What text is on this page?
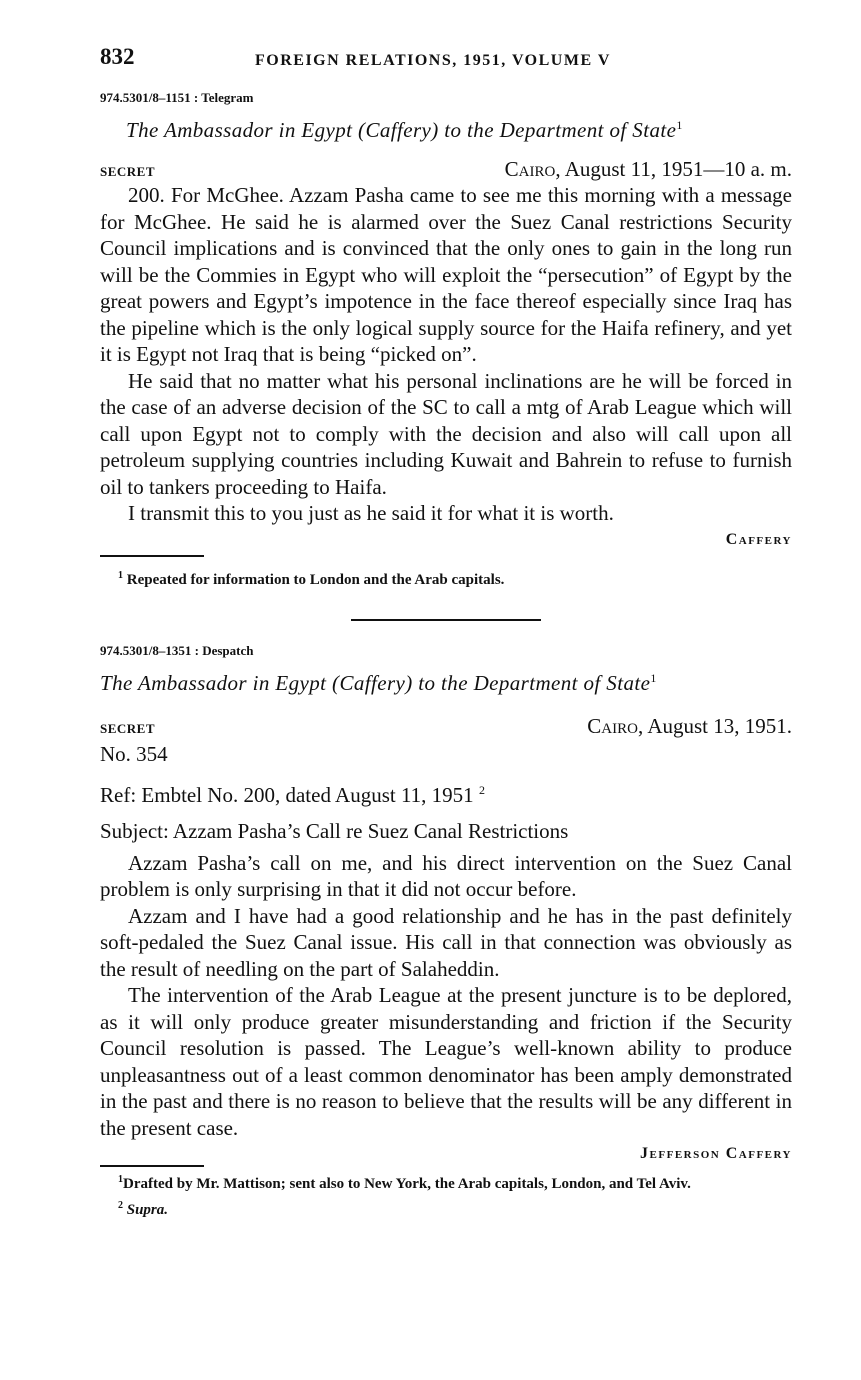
832	FOREIGN RELATIONS, 1951, VOLUME V
974.5301/8–1151 : Telegram
The Ambassador in Egypt (Caffery) to the Department of State$^1$
SECRET	Cairo, August 11, 1951—10 a. m.

200. For McGhee. Azzam Pasha came to see me this morning with a message for McGhee. He said he is alarmed over the Suez Canal restrictions Security Council implications and is convinced that the only ones to gain in the long run will be the Commies in Egypt who will exploit the “persecution” of Egypt by the great powers and Egypt’s impotence in the face thereof especially since Iraq has the pipeline which is the only logical supply source for the Haifa refinery, and yet it is Egypt not Iraq that is being “picked on”.

He said that no matter what his personal inclinations are he will be forced in the case of an adverse decision of the SC to call a mtg of Arab League which will call upon Egypt not to comply with the decision and also will call upon all petroleum supplying countries including Kuwait and Bahrein to refuse to furnish oil to tankers proceeding to Haifa.

I transmit this to you just as he said it for what it is worth.

Caffery
$^1$ Repeated for information to London and the Arab capitals.
974.5301/8–1351 : Despatch
The Ambassador in Egypt (Caffery) to the Department of State$^1$
SECRET	Cairo, August 13, 1951.
No. 354
Ref: Embtel No. 200, dated August 11, 1951 $^2$
Subject: Azzam Pasha’s Call re Suez Canal Restrictions

Azzam Pasha’s call on me, and his direct intervention on the Suez Canal problem is only surprising in that it did not occur before.

Azzam and I have had a good relationship and he has in the past definitely soft-pedaled the Suez Canal issue. His call in that connection was obviously as the result of needling on the part of Salaheddin.

The intervention of the Arab League at the present juncture is to be deplored, as it will only produce greater misunderstanding and friction if the Security Council resolution is passed. The League’s well-known ability to produce unpleasantness out of a least common denominator has been amply demonstrated in the past and there is no reason to believe that the results will be any different in the present case.

Jefferson Caffery
$^1$Drafted by Mr. Mattison; sent also to New York, the Arab capitals, London, and Tel Aviv.
$^2$ Supra.
